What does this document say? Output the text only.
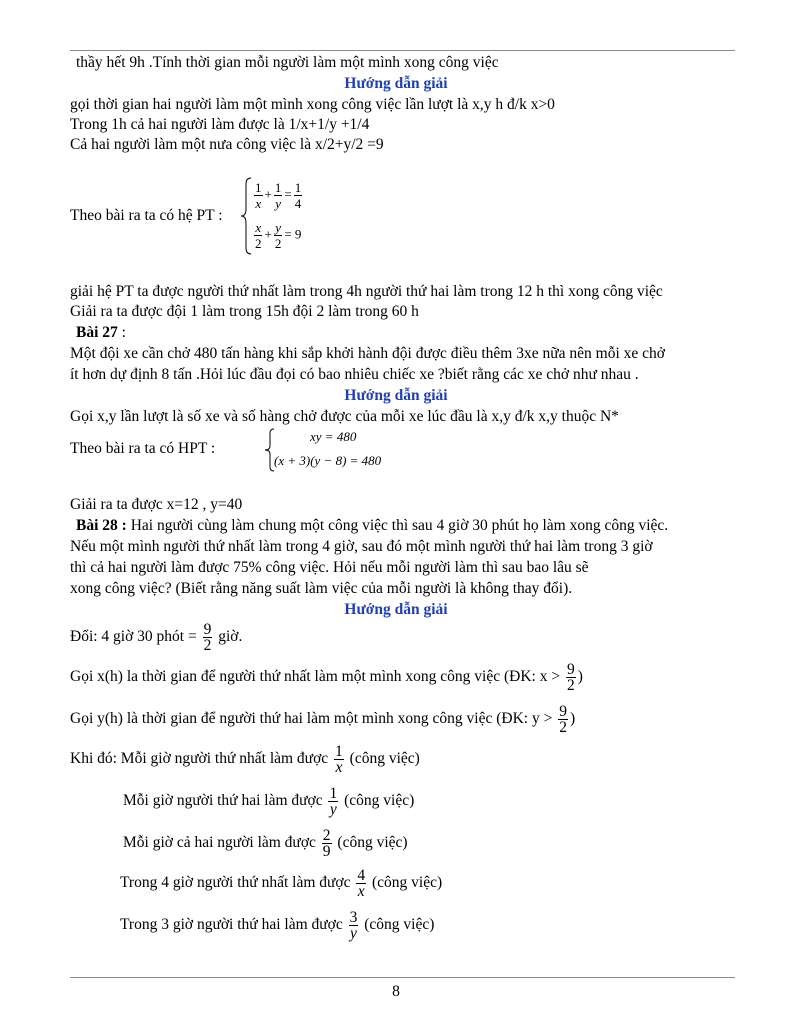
thầy hết 9h .Tính thời gian mỗi người làm một mình xong công việc
Hướng dẫn giải
gọi thời gian hai người làm một mình xong công việc lần lượt là x,y h đ/k x>0
Trong 1h cả hai người làm được là 1/x+1/y +1/4
Cả hai người làm một nưa công việc là x/2+y/2 =9
Theo bài ra ta có hệ PT :
$\frac{1}{x} + \frac{1}{y} = \frac{1}{4}$
$\frac{x}{2} + \frac{y}{2} = 9$
giải hệ PT ta được người thứ nhất làm trong 4h người thứ hai làm trong 12 h thì xong công việc
Giải ra ta được đội 1 làm trong 15h đội 2 làm trong 60 h
Bài 27 :
Một đội xe cần chở 480 tấn hàng khi sắp khởi hành đội được điều thêm 3xe nữa nên mỗi xe chở
ít hơn dự định 8 tấn .Hỏi lúc đầu đọi có bao nhiêu chiếc xe ?biết rằng các xe chở như nhau .
Hướng dẫn giải
Gọi x,y lần lượt là số xe và số hàng chở được của mỗi xe lúc đầu là x,y đ/k x,y thuộc N*
Theo bài ra ta có HPT :
xy = 480
(x + 3)(y − 8) = 480
Giải ra ta được x=12 , y=40
Bài 28 : Hai người cùng làm chung một công việc thì sau 4 giờ 30 phút họ làm xong công việc.
Nếu một mình người thứ nhất làm trong 4 giờ, sau đó một mình người thứ hai làm trong 3 giờ
thì cả hai người làm được 75% công việc. Hỏi nếu mỗi người làm thì sau bao lâu sẽ
xong công việc? (Biết rằng năng suất làm việc của mỗi người là không thay đổi).
Hướng dẫn giải
Đổi: 4 giờ 30 phót = $\frac{9}{2}$ giờ.
Gọi x(h) la thời gian để người thứ nhất làm một mình xong công việc (ĐK: $x > \frac{9}{2}$ )
Gọi y(h) là thời gian để người thứ hai làm một mình xong công việc (ĐK: $y > \frac{9}{2}$ )
Khi đó: Mỗi giờ người thứ nhất làm được $\frac{1}{x}$ (công việc)
Mỗi giờ người thứ hai làm được $\frac{1}{y}$ (công việc)
Mỗi giờ cả hai người làm được $\frac{2}{9}$ (công việc)
Trong 4 giờ người thứ nhất làm được $\frac{4}{x}$ (công việc)
Trong 3 giờ người thứ hai làm được $\frac{3}{y}$ (công việc)
8
